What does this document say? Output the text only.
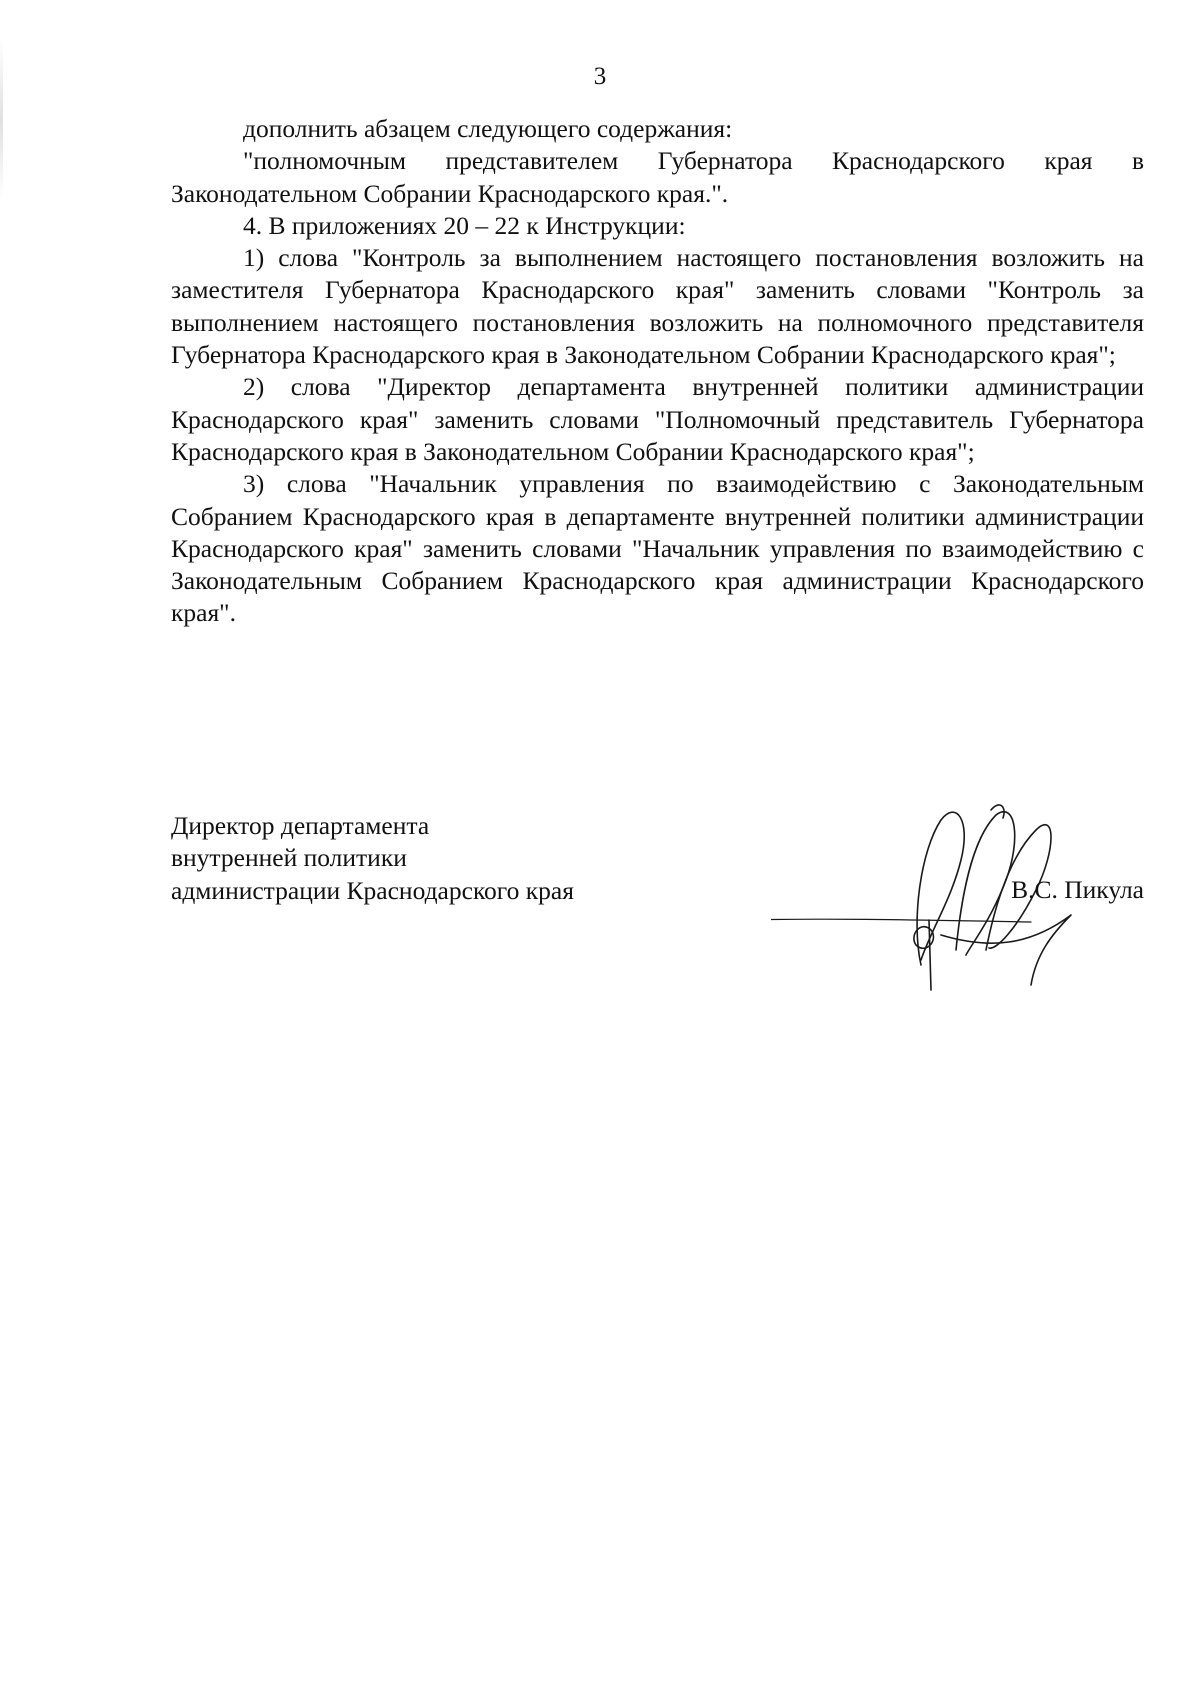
3

дополнить абзацем следующего содержания:

"полномочным представителем Губернатора Краснодарского края в Законодательном Собрании Краснодарского края.".

4. В приложениях 20 – 22 к Инструкции:

1) слова "Контроль за выполнением настоящего постановления возложить на заместителя Губернатора Краснодарского края" заменить словами "Контроль за выполнением настоящего постановления возложить на полномочного представителя Губернатора Краснодарского края в Законодательном Собрании Краснодарского края";

2) слова "Директор департамента внутренней политики администрации Краснодарского края" заменить словами "Полномочный представитель Губернатора Краснодарского края в Законодательном Собрании Краснодарского края";

3) слова "Начальник управления по взаимодействию с Законодательным Собранием Краснодарского края в департаменте внутренней политики администрации Краснодарского края" заменить словами "Начальник управления по взаимодействию с Законодательным Собранием Краснодарского края администрации Краснодарского края".

Директор департамента
внутренней политики
администрации Краснодарского края	В.С. Пикула
